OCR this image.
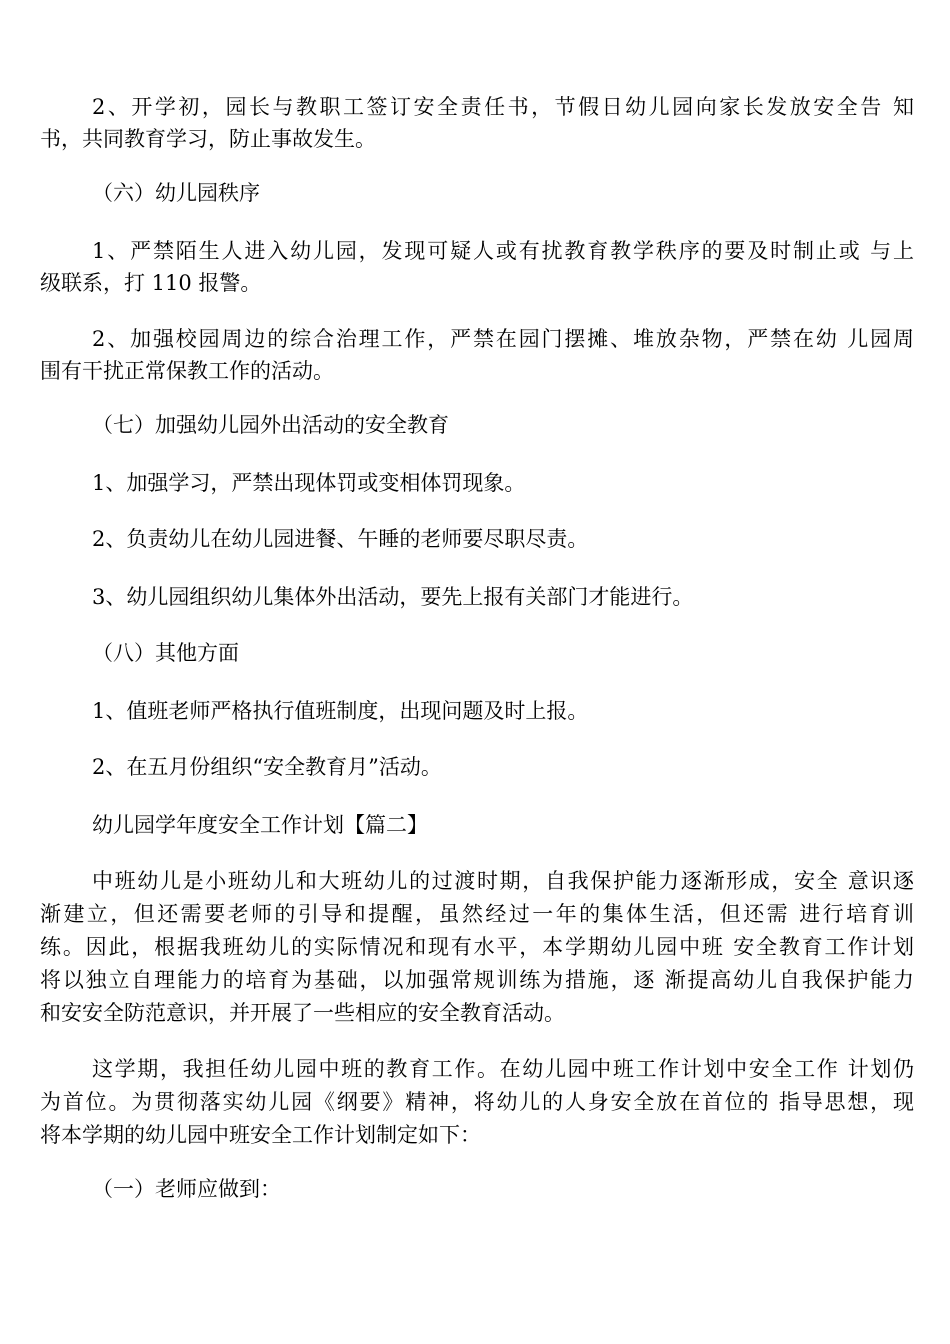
2、开学初，园长与教职工签订安全责任书，节假日幼儿园向家长发放安全告 知
书，共同教育学习，防止事故发生。
（六）幼儿园秩序
1、严禁陌生人进入幼儿园，发现可疑人或有扰教育教学秩序的要及时制止或 与上
级联系，打 110 报警。
2、加强校园周边的综合治理工作，严禁在园门摆摊、堆放杂物，严禁在幼 儿园周
围有干扰正常保教工作的活动。
（七）加强幼儿园外出活动的安全教育
1、加强学习，严禁出现体罚或变相体罚现象。
2、负责幼儿在幼儿园进餐、午睡的老师要尽职尽责。
3、幼儿园组织幼儿集体外出活动，要先上报有关部门才能进行。
（八）其他方面
1、值班老师严格执行值班制度，出现问题及时上报。
2、在五月份组织“安全教育月”活动。
幼儿园学年度安全工作计划【篇二】
中班幼儿是小班幼儿和大班幼儿的过渡时期，自我保护能力逐渐形成，安全 意识逐
渐建立，但还需要老师的引导和提醒，虽然经过一年的集体生活，但还需 进行培育训
练。因此，根据我班幼儿的实际情况和现有水平，本学期幼儿园中班 安全教育工作计划
将以独立自理能力的培育为基础，以加强常规训练为措施，逐 渐提高幼儿自我保护能力
和安安全防范意识，并开展了一些相应的安全教育活动。
这学期，我担任幼儿园中班的教育工作。在幼儿园中班工作计划中安全工作 计划仍
为首位。为贯彻落实幼儿园《纲要》精神，将幼儿的人身安全放在首位的 指导思想，现
将本学期的幼儿园中班安全工作计划制定如下：
（一）老师应做到：
